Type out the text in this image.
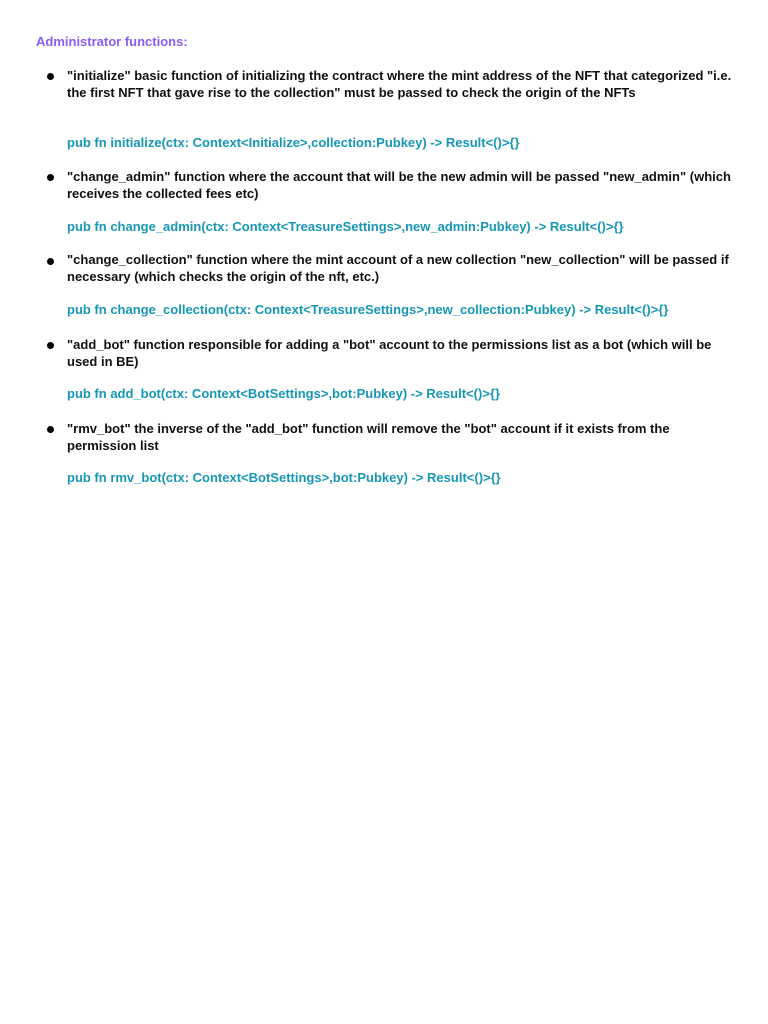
Administrator functions:
"initialize" basic function of initializing the contract where the mint address of the NFT that categorized "i.e. the first NFT that gave rise to the collection" must be passed to check the origin of the NFTs
pub fn initialize(ctx: Context<Initialize>,collection:Pubkey) -> Result<()>{}
"change_admin" function where the account that will be the new admin will be passed "new_admin" (which receives the collected fees etc)
pub fn change_admin(ctx: Context<TreasureSettings>,new_admin:Pubkey) -> Result<()>{}
"change_collection" function where the mint account of a new collection "new_collection" will be passed if necessary (which checks the origin of the nft, etc.)
pub fn change_collection(ctx: Context<TreasureSettings>,new_collection:Pubkey) -> Result<()>{}
"add_bot" function responsible for adding a "bot" account to the permissions list as a bot (which will be used in BE)
pub fn add_bot(ctx: Context<BotSettings>,bot:Pubkey) -> Result<()>{}
"rmv_bot" the inverse of the "add_bot" function will remove the "bot" account if it exists from the permission list
pub fn rmv_bot(ctx: Context<BotSettings>,bot:Pubkey) -> Result<()>{}
